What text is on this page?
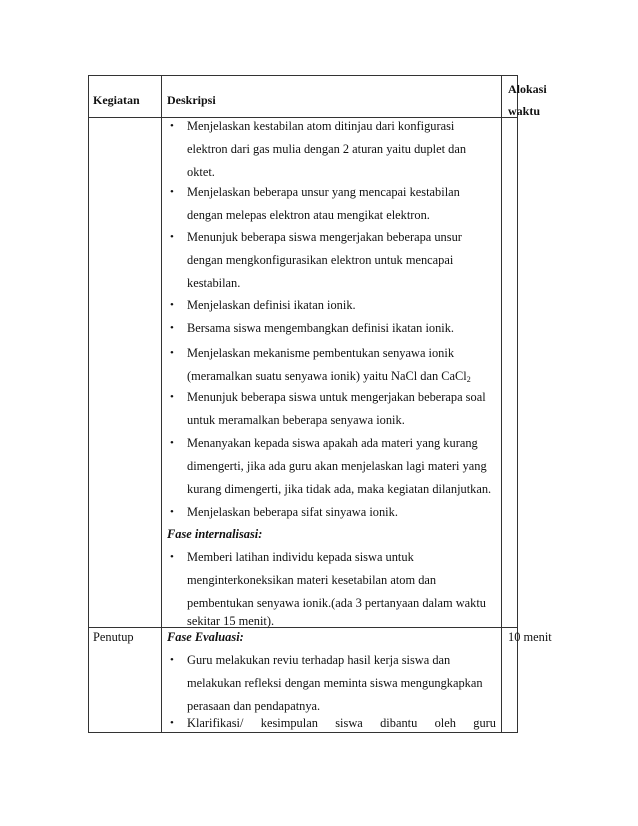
Kegiatan Deskripsi
Alokasi
waktu
• Menjelaskan kestabilan atom ditinjau dari konfigurasi
elektron dari gas mulia dengan 2 aturan yaitu duplet dan
oktet.
• Menjelaskan beberapa unsur yang mencapai kestabilan
dengan melepas elektron atau mengikat elektron.
• Menunjuk beberapa siswa mengerjakan beberapa unsur
dengan mengkonfigurasikan elektron untuk mencapai
kestabilan.
• Menjelaskan definisi ikatan ionik.
• Bersama siswa mengembangkan definisi ikatan ionik.
• Menjelaskan mekanisme pembentukan senyawa ionik
(meramalkan suatu senyawa ionik) yaitu NaCl dan CaCl$_2$
• Menunjuk beberapa siswa untuk mengerjakan beberapa soal
untuk meramalkan beberapa senyawa ionik.
• Menanyakan kepada siswa apakah ada materi yang kurang
dimengerti, jika ada guru akan menjelaskan lagi materi yang
kurang dimengerti, jika tidak ada, maka kegiatan dilanjutkan.
• Menjelaskan beberapa sifat sinyawa ionik.
Fase internalisasi:
• Memberi latihan individu kepada siswa untuk
menginterkoneksikan materi kesetabilan atom dan
pembentukan senyawa ionik.(ada 3 pertanyaan dalam waktu
sekitar 15 menit).
Penutup	Fase Evaluasi:	10 menit
• Guru melakukan reviu terhadap hasil kerja siswa dan
melakukan refleksi dengan meminta siswa mengungkapkan
perasaan dan pendapatnya.
• Klarifikasi/ kesimpulan siswa dibantu oleh guru
